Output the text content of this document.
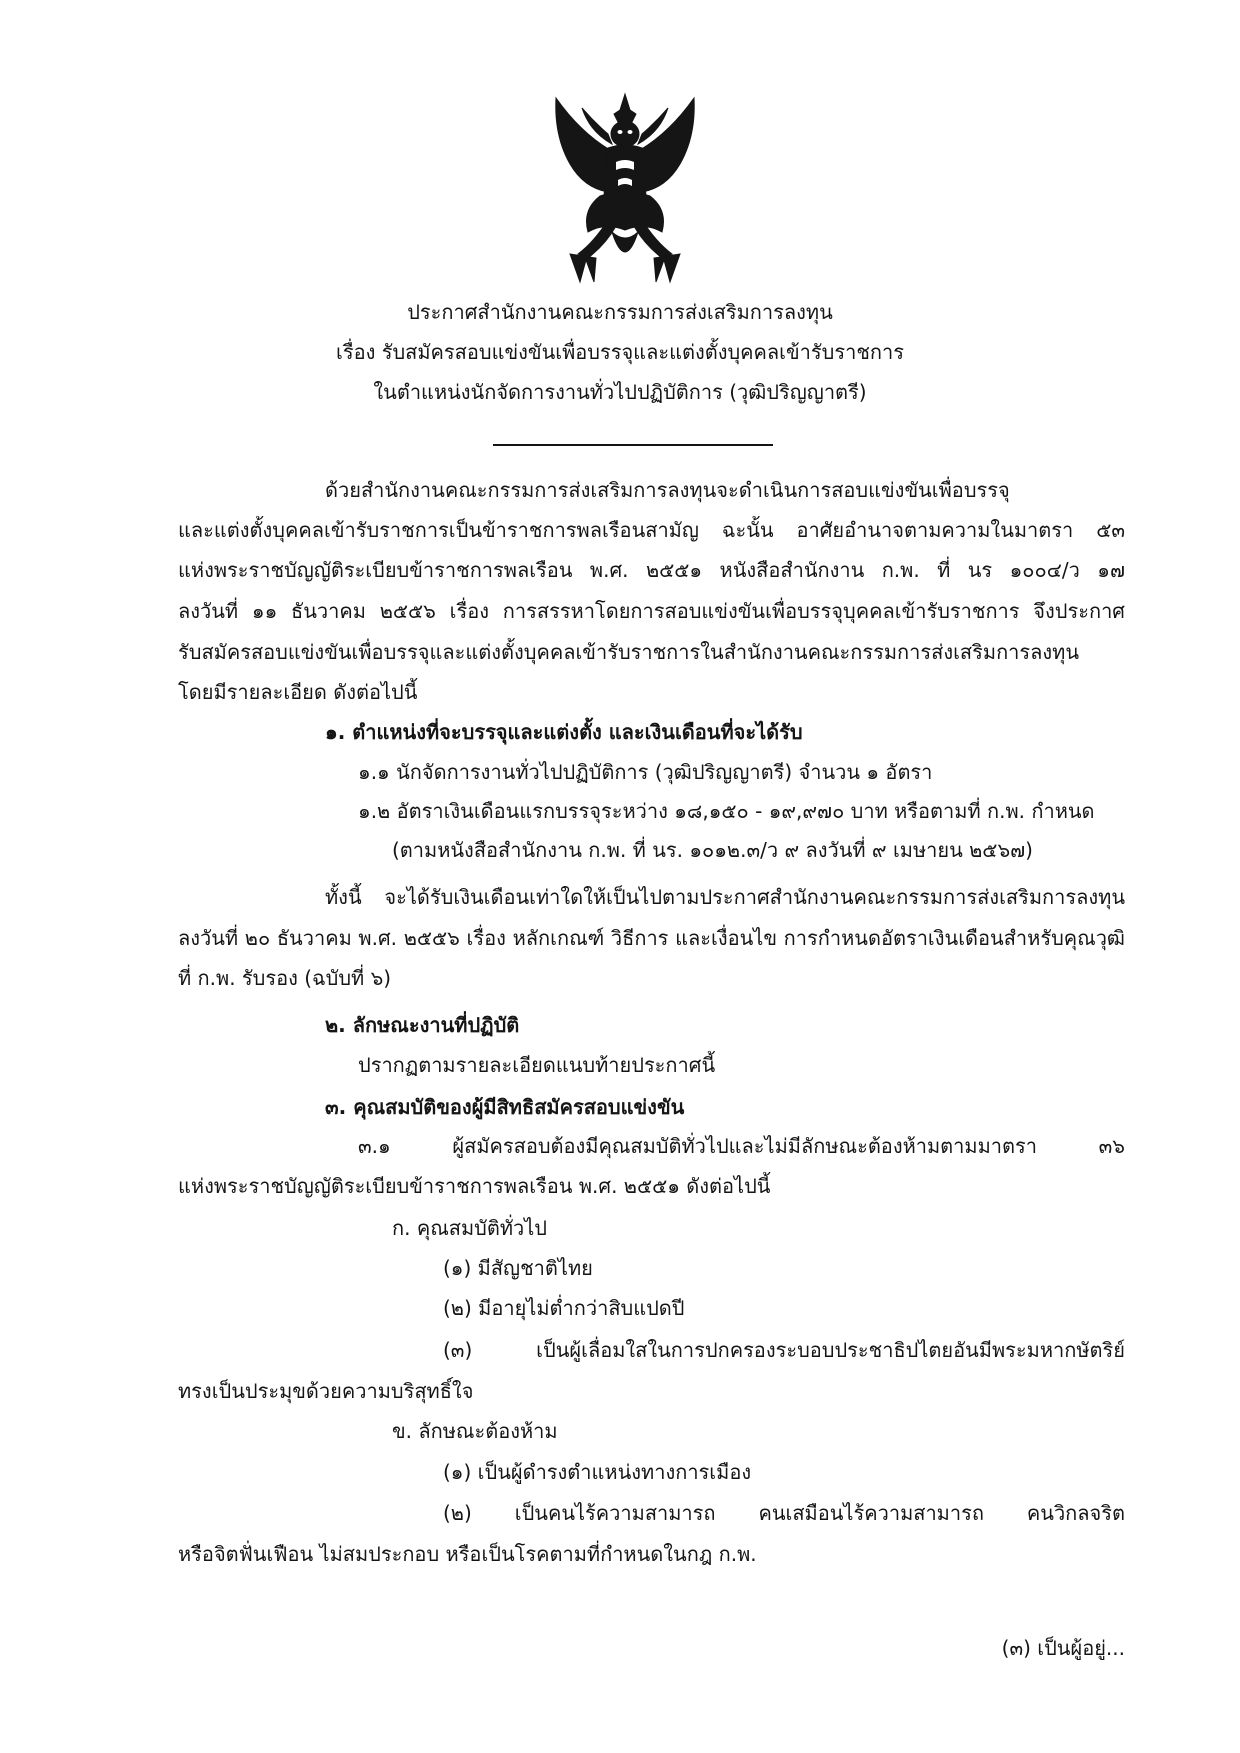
ประกาศสำนักงานคณะกรรมการส่งเสริมการลงทุน
เรื่อง รับสมัครสอบแข่งขันเพื่อบรรจุและแต่งตั้งบุคคลเข้ารับราชการ
ในตำแหน่งนักจัดการงานทั่วไปปฏิบัติการ (วุฒิปริญญาตรี)
ด้วยสำนักงานคณะกรรมการส่งเสริมการลงทุนจะดำเนินการสอบแข่งขันเพื่อบรรจุ
และแต่งตั้งบุคคลเข้ารับราชการเป็นข้าราชการพลเรือนสามัญ ฉะนั้น อาศัยอำนาจตามความในมาตรา ๕๓
แห่งพระราชบัญญัติระเบียบข้าราชการพลเรือน พ.ศ. ๒๕๕๑ หนังสือสำนักงาน ก.พ. ที่ นร ๑๐๐๔/ว ๑๗
ลงวันที่ ๑๑ ธันวาคม ๒๕๕๖ เรื่อง การสรรหาโดยการสอบแข่งขันเพื่อบรรจุบุคคลเข้ารับราชการ จึงประกาศ
รับสมัครสอบแข่งขันเพื่อบรรจุและแต่งตั้งบุคคลเข้ารับราชการในสำนักงานคณะกรรมการส่งเสริมการลงทุน
โดยมีรายละเอียด ดังต่อไปนี้
๑. ตำแหน่งที่จะบรรจุและแต่งตั้ง และเงินเดือนที่จะได้รับ
๑.๑ นักจัดการงานทั่วไปปฏิบัติการ (วุฒิปริญญาตรี) จำนวน ๑ อัตรา
๑.๒ อัตราเงินเดือนแรกบรรจุระหว่าง ๑๘,๑๕๐ - ๑๙,๙๗๐ บาท หรือตามที่ ก.พ. กำหนด
(ตามหนังสือสำนักงาน ก.พ. ที่ นร. ๑๐๑๒.๓/ว ๙ ลงวันที่ ๙ เมษายน ๒๕๖๗)
ทั้งนี้ จะได้รับเงินเดือนเท่าใดให้เป็นไปตามประกาศสำนักงานคณะกรรมการส่งเสริมการลงทุน
ลงวันที่ ๒๐ ธันวาคม พ.ศ. ๒๕๕๖ เรื่อง หลักเกณฑ์ วิธีการ และเงื่อนไข การกำหนดอัตราเงินเดือนสำหรับคุณวุฒิ
ที่ ก.พ. รับรอง (ฉบับที่ ๖)
๒. ลักษณะงานที่ปฏิบัติ
ปรากฏตามรายละเอียดแนบท้ายประกาศนี้
๓. คุณสมบัติของผู้มีสิทธิสมัครสอบแข่งขัน
๓.๑ ผู้สมัครสอบต้องมีคุณสมบัติทั่วไปและไม่มีลักษณะต้องห้ามตามมาตรา ๓๖
แห่งพระราชบัญญัติระเบียบข้าราชการพลเรือน พ.ศ. ๒๕๕๑ ดังต่อไปนี้
ก. คุณสมบัติทั่วไป
(๑) มีสัญชาติไทย
(๒) มีอายุไม่ต่ำกว่าสิบแปดปี
(๓) เป็นผู้เลื่อมใสในการปกครองระบอบประชาธิปไตยอันมีพระมหากษัตริย์
ทรงเป็นประมุขด้วยความบริสุทธิ์ใจ
ข. ลักษณะต้องห้าม
(๑) เป็นผู้ดำรงตำแหน่งทางการเมือง
(๒) เป็นคนไร้ความสามารถ คนเสมือนไร้ความสามารถ คนวิกลจริต
หรือจิตฟั่นเฟือน ไม่สมประกอบ หรือเป็นโรคตามที่กำหนดในกฎ ก.พ.
(๓) เป็นผู้อยู่...
